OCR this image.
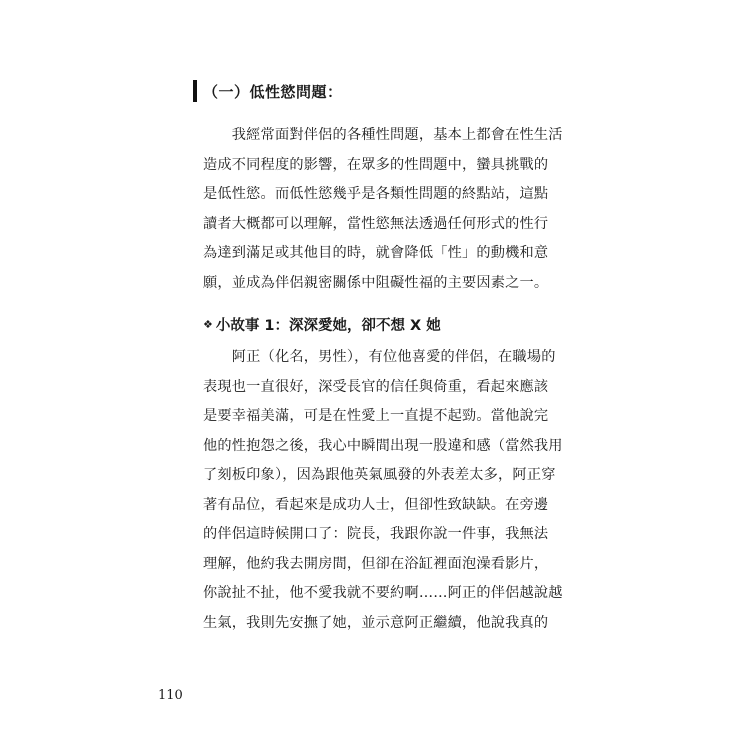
（一）低性慾問題：
　　我經常面對伴侶的各種性問題，基本上都會在性生活
造成不同程度的影響，在眾多的性問題中，蠻具挑戰的
是低性慾。而低性慾幾乎是各類性問題的終點站，這點
讀者大概都可以理解，當性慾無法透過任何形式的性行
為達到滿足或其他目的時，就會降低「性」的動機和意
願，並成為伴侶親密關係中阻礙性福的主要因素之一。
❖ 小故事 1：深深愛她，卻不想 X 她
　　阿正（化名，男性），有位他喜愛的伴侶，在職場的
表現也一直很好，深受長官的信任與倚重，看起來應該
是要幸福美滿，可是在性愛上一直提不起勁。當他說完
他的性抱怨之後，我心中瞬間出現一股違和感（當然我用
了刻板印象），因為跟他英氣風發的外表差太多，阿正穿
著有品位，看起來是成功人士，但卻性致缺缺。在旁邊
的伴侶這時候開口了：院長，我跟你說一件事，我無法
理解，他約我去開房間，但卻在浴缸裡面泡澡看影片，
你說扯不扯，他不愛我就不要約啊……阿正的伴侶越說越
生氣，我則先安撫了她，並示意阿正繼續，他說我真的
110
